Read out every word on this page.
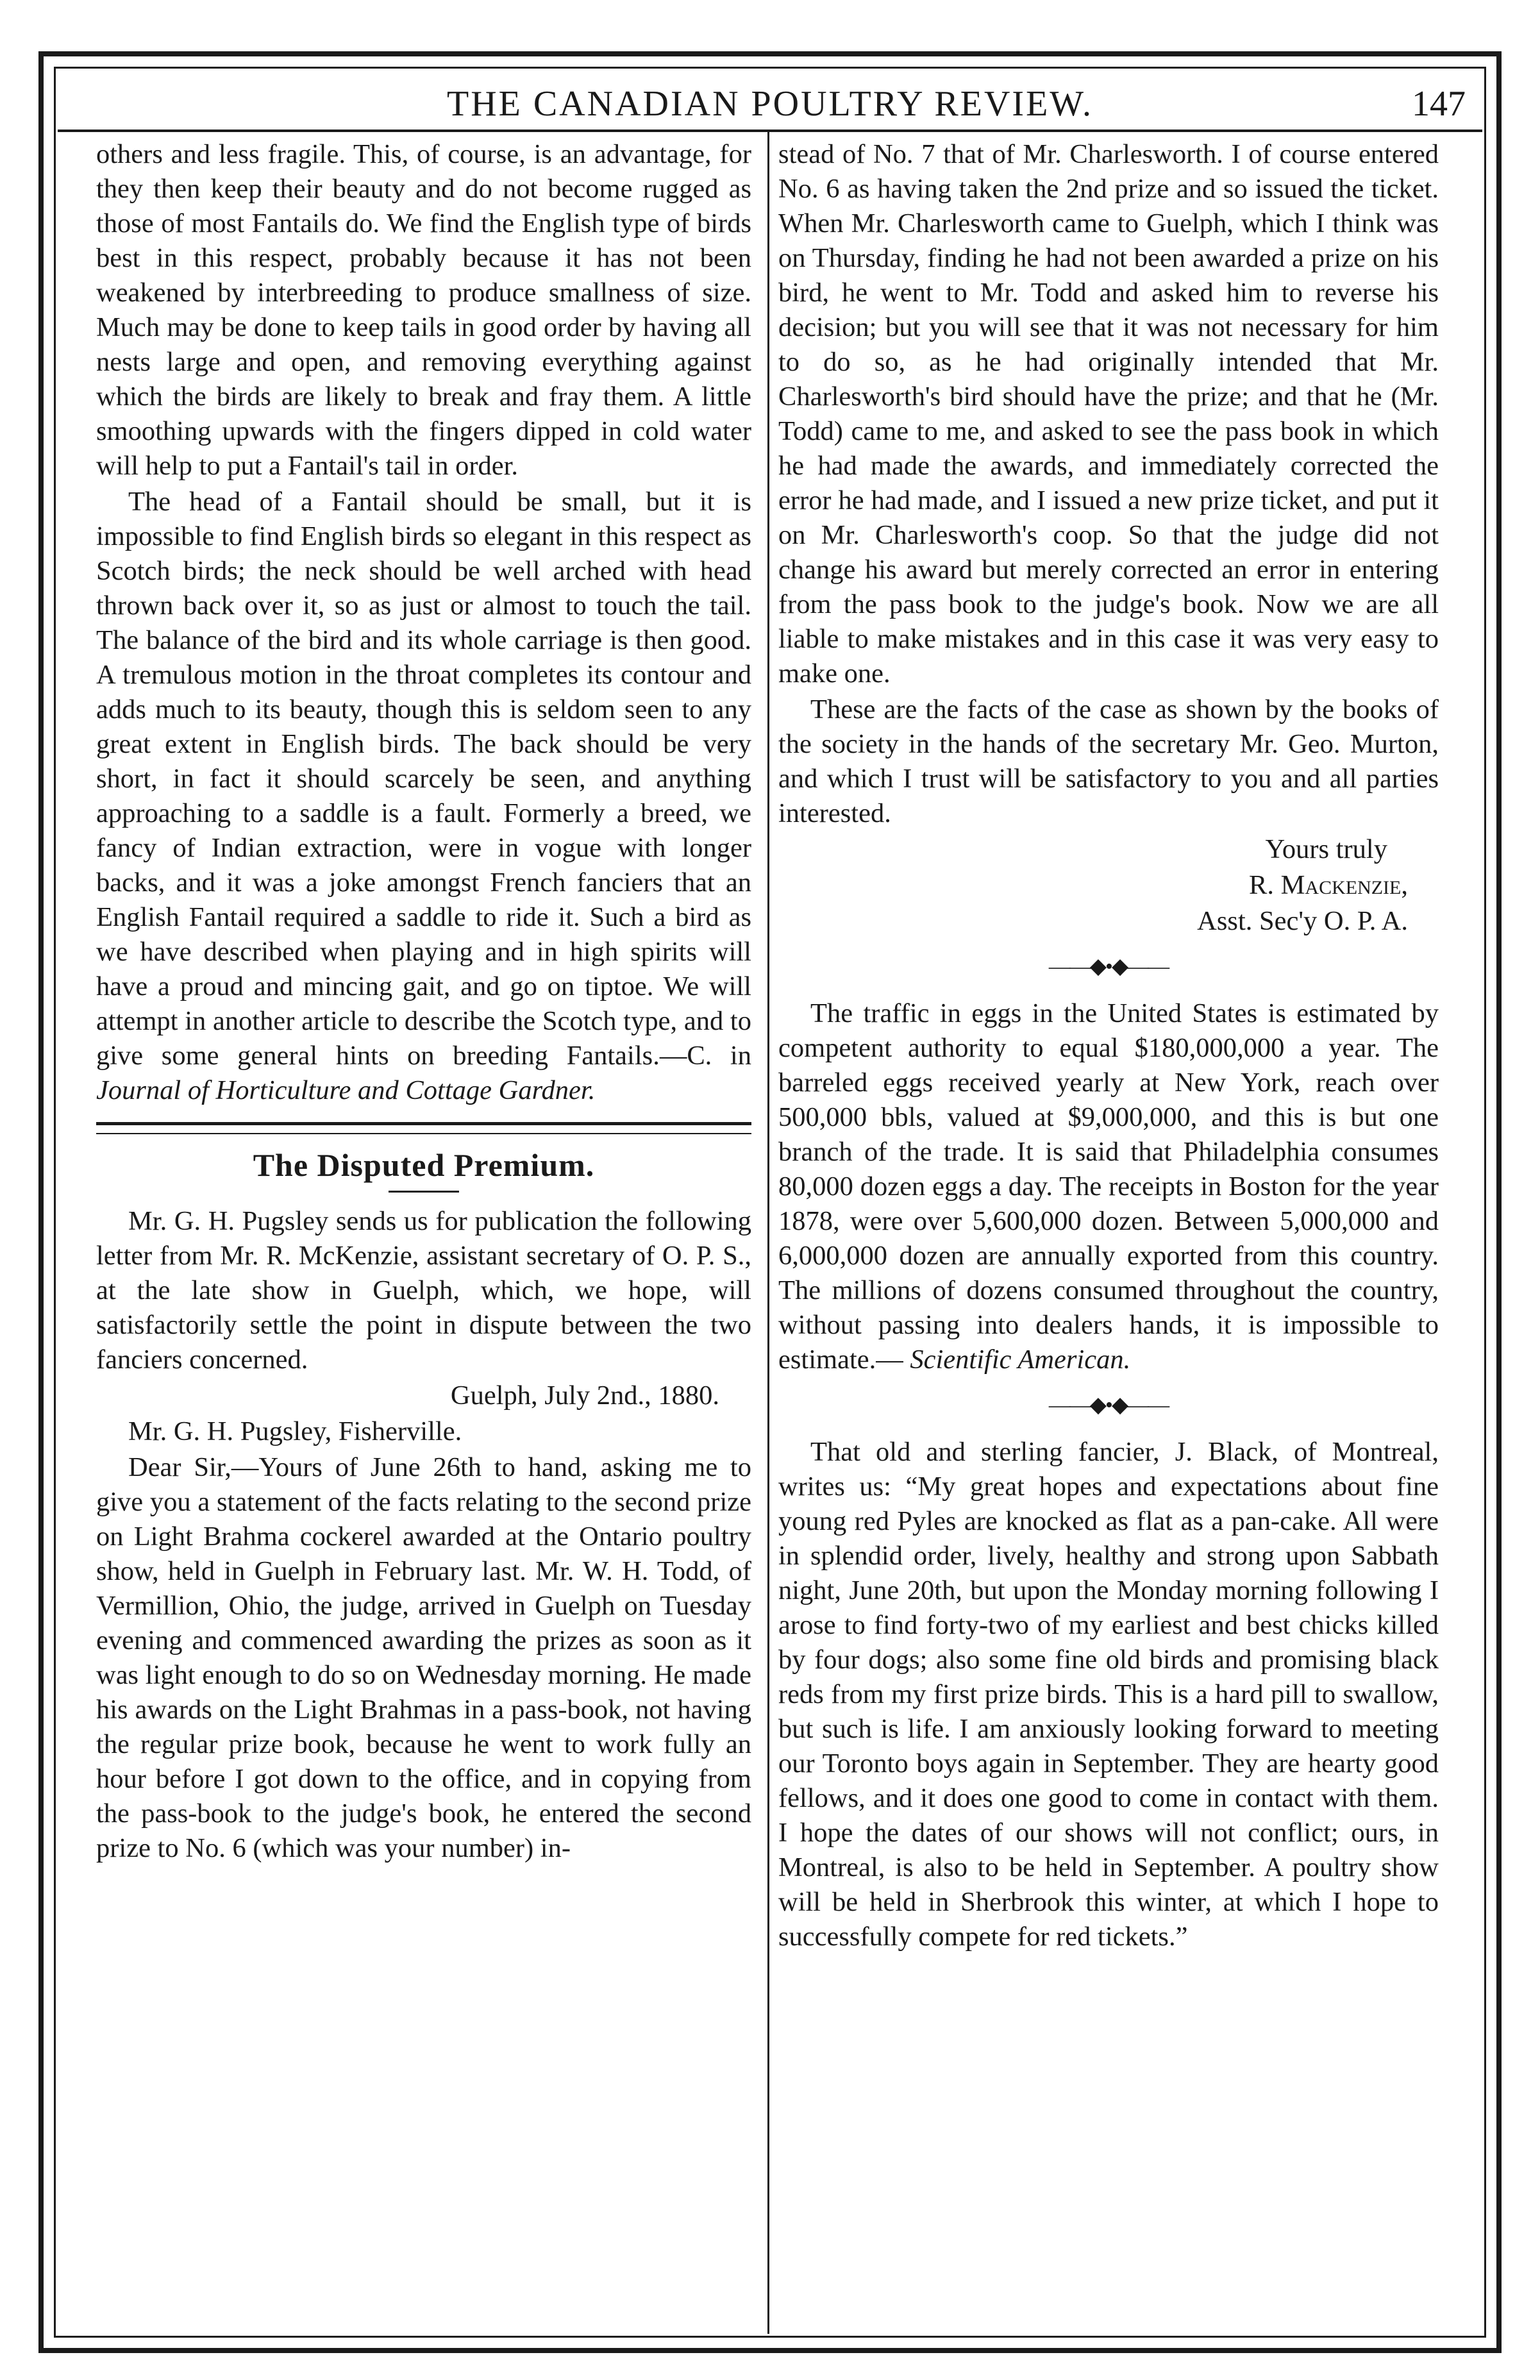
THE CANADIAN POULTRY REVIEW.	147

others and less fragile. This, of course, is an advantage, for they then keep their beauty and do not become rugged as those of most Fantails do. We find the English type of birds best in this respect, probably because it has not been weakened by interbreeding to produce smallness of size. Much may be done to keep tails in good order by having all nests large and open, and removing everything against which the birds are likely to break and fray them. A little smoothing upwards with the fingers dipped in cold water will help to put a Fantail's tail in order.

The head of a Fantail should be small, but it is impossible to find English birds so elegant in this respect as Scotch birds; the neck should be well arched with head thrown back over it, so as just or almost to touch the tail. The balance of the bird and its whole carriage is then good. A tremulous motion in the throat completes its contour and adds much to its beauty, though this is seldom seen to any great extent in English birds. The back should be very short, in fact it should scarcely be seen, and anything approaching to a saddle is a fault. Formerly a breed, we fancy of Indian extraction, were in vogue with longer backs, and it was a joke amongst French fanciers that an English Fantail required a saddle to ride it. Such a bird as we have described when playing and in high spirits will have a proud and mincing gait, and go on tiptoe. We will attempt in another article to describe the Scotch type, and to give some general hints on breeding Fantails.—C. in Journal of Horticulture and Cottage Gardner.

The Disputed Premium.

Mr. G. H. Pugsley sends us for publication the following letter from Mr. R. McKenzie, assistant secretary of O. P. S., at the late show in Guelph, which, we hope, will satisfactorily settle the point in dispute between the two fanciers concerned.

Guelph, July 2nd., 1880.

Mr. G. H. Pugsley, Fisherville.

Dear Sir,—Yours of June 26th to hand, asking me to give you a statement of the facts relating to the second prize on Light Brahma cockerel awarded at the Ontario poultry show, held in Guelph in February last. Mr. W. H. Todd, of Vermillion, Ohio, the judge, arrived in Guelph on Tuesday evening and commenced awarding the prizes as soon as it was light enough to do so on Wednesday morning. He made his awards on the Light Brahmas in a pass-book, not having the regular prize book, because he went to work fully an hour before I got down to the office, and in copying from the pass-book to the judge's book, he entered the second prize to No. 6 (which was your number) in-

stead of No. 7 that of Mr. Charlesworth. I of course entered No. 6 as having taken the 2nd prize and so issued the ticket. When Mr. Charlesworth came to Guelph, which I think was on Thursday, finding he had not been awarded a prize on his bird, he went to Mr. Todd and asked him to reverse his decision; but you will see that it was not necessary for him to do so, as he had originally intended that Mr. Charlesworth's bird should have the prize; and that he (Mr. Todd) came to me, and asked to see the pass book in which he had made the awards, and immediately corrected the error he had made, and I issued a new prize ticket, and put it on Mr. Charlesworth's coop. So that the judge did not change his award but merely corrected an error in entering from the pass book to the judge's book. Now we are all liable to make mistakes and in this case it was very easy to make one.

These are the facts of the case as shown by the books of the society in the hands of the secretary Mr. Geo. Murton, and which I trust will be satisfactory to you and all parties interested.

Yours truly

R. Mackenzie,

Asst. Sec'y O. P. A.

——◆•◆——

The traffic in eggs in the United States is estimated by competent authority to equal $180,000,000 a year. The barreled eggs received yearly at New York, reach over 500,000 bbls, valued at $9,000,000, and this is but one branch of the trade. It is said that Philadelphia consumes 80,000 dozen eggs a day. The receipts in Boston for the year 1878, were over 5,600,000 dozen. Between 5,000,000 and 6,000,000 dozen are annually exported from this country. The millions of dozens consumed throughout the country, without passing into dealers hands, it is impossible to estimate.— Scientific American.

——◆•◆——

That old and sterling fancier, J. Black, of Montreal, writes us: “My great hopes and expectations about fine young red Pyles are knocked as flat as a pan-cake. All were in splendid order, lively, healthy and strong upon Sabbath night, June 20th, but upon the Monday morning following I arose to find forty-two of my earliest and best chicks killed by four dogs; also some fine old birds and promising black reds from my first prize birds. This is a hard pill to swallow, but such is life. I am anxiously looking forward to meeting our Toronto boys again in September. They are hearty good fellows, and it does one good to come in contact with them. I hope the dates of our shows will not conflict; ours, in Montreal, is also to be held in September. A poultry show will be held in Sherbrook this winter, at which I hope to successfully compete for red tickets.”
